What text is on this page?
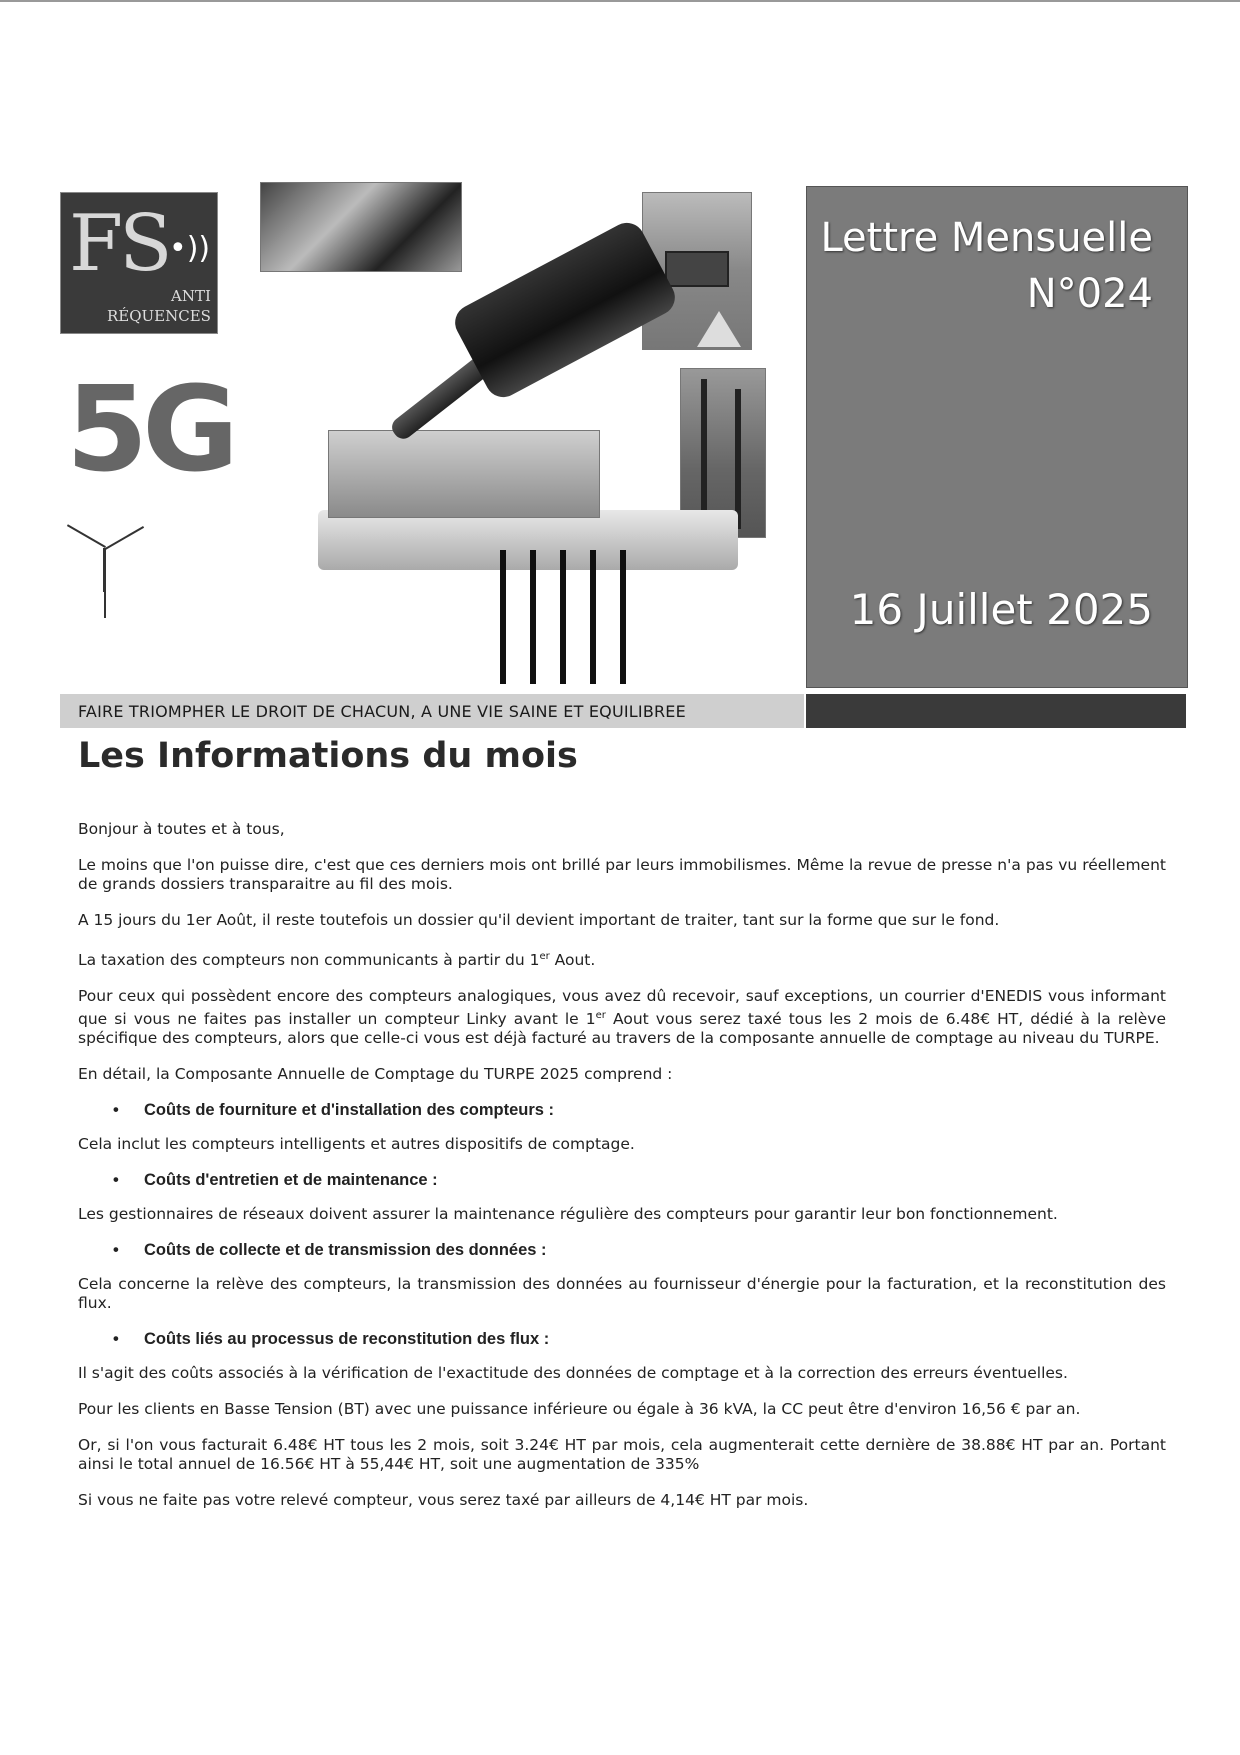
FS •))
ANTI
RÉQUENCES
5G
Lettre Mensuelle
N°024
16 Juillet 2025
FAIRE TRIOMPHER LE DROIT DE CHACUN, A UNE VIE SAINE ET EQUILIBREE
Les Informations du mois

Bonjour à toutes et à tous,

Le moins que l'on puisse dire, c'est que ces derniers mois ont brillé par leurs immobilismes. Même la revue de presse n'a pas vu réellement de grands dossiers transparaitre au fil des mois.

A 15 jours du 1er Août, il reste toutefois un dossier qu'il devient important de traiter, tant sur la forme que sur le fond.

La taxation des compteurs non communicants à partir du 1er Aout.

Pour ceux qui possèdent encore des compteurs analogiques, vous avez dû recevoir, sauf exceptions, un courrier d'ENEDIS vous informant que si vous ne faites pas installer un compteur Linky avant le 1er Aout vous serez taxé tous les 2 mois de 6.48€ HT, dédié à la relève spécifique des compteurs, alors que celle-ci vous est déjà facturé au travers de la composante annuelle de comptage au niveau du TURPE.

En détail, la Composante Annuelle de Comptage du TURPE 2025 comprend :

• Coûts de fourniture et d'installation des compteurs :

Cela inclut les compteurs intelligents et autres dispositifs de comptage.

• Coûts d'entretien et de maintenance :

Les gestionnaires de réseaux doivent assurer la maintenance régulière des compteurs pour garantir leur bon fonctionnement.

• Coûts de collecte et de transmission des données :

Cela concerne la relève des compteurs, la transmission des données au fournisseur d'énergie pour la facturation, et la reconstitution des flux.

• Coûts liés au processus de reconstitution des flux :

Il s'agit des coûts associés à la vérification de l'exactitude des données de comptage et à la correction des erreurs éventuelles.

Pour les clients en Basse Tension (BT) avec une puissance inférieure ou égale à 36 kVA, la CC peut être d'environ 16,56 € par an.

Or, si l'on vous facturait 6.48€ HT tous les 2 mois, soit 3.24€ HT par mois, cela augmenterait cette dernière de 38.88€ HT par an. Portant ainsi le total annuel de 16.56€ HT à 55,44€ HT, soit une augmentation de 335%

Si vous ne faite pas votre relevé compteur, vous serez taxé par ailleurs de 4,14€ HT par mois.
